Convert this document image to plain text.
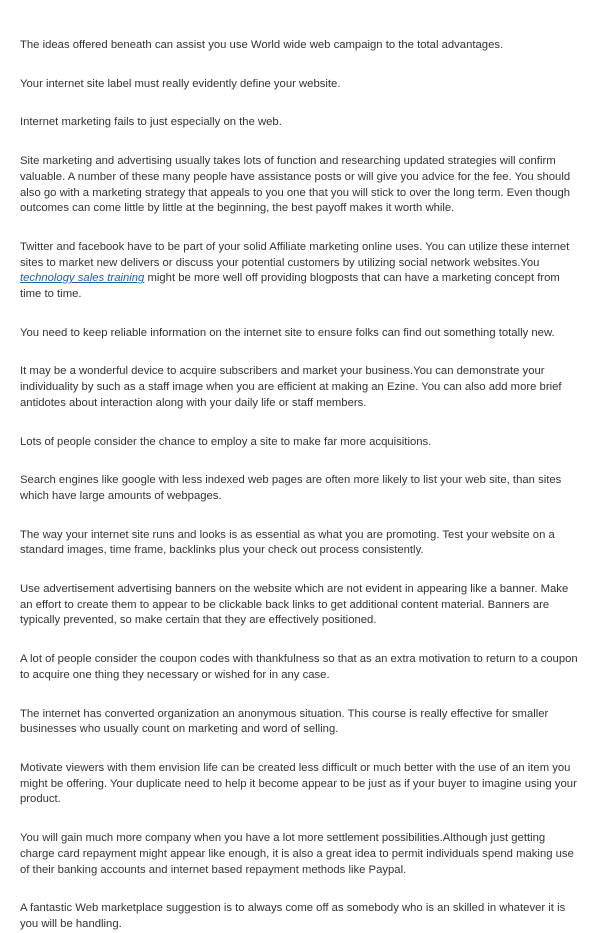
The ideas offered beneath can assist you use World wide web campaign to the total advantages.

Your internet site label must really evidently define your website.

Internet marketing fails to just especially on the web.

Site marketing and advertising usually takes lots of function and researching updated strategies will confirm valuable. A number of these many people have assistance posts or will give you advice for the fee. You should also go with a marketing strategy that appeals to you one that you will stick to over the long term. Even though outcomes can come little by little at the beginning, the best payoff makes it worth while.

Twitter and facebook have to be part of your solid Affiliate marketing online uses. You can utilize these internet sites to market new delivers or discuss your potential customers by utilizing social network websites.You technology sales training might be more well off providing blogposts that can have a marketing concept from time to time.

You need to keep reliable information on the internet site to ensure folks can find out something totally new.

It may be a wonderful device to acquire subscribers and market your business.You can demonstrate your individuality by such as a staff image when you are efficient at making an Ezine. You can also add more brief antidotes about interaction along with your daily life or staff members.

Lots of people consider the chance to employ a site to make far more acquisitions.

Search engines like google with less indexed web pages are often more likely to list your web site, than sites which have large amounts of webpages.

The way your internet site runs and looks is as essential as what you are promoting. Test your website on a standard images, time frame, backlinks plus your check out process consistently.

Use advertisement advertising banners on the website which are not evident in appearing like a banner. Make an effort to create them to appear to be clickable back links to get additional content material. Banners are typically prevented, so make certain that they are effectively positioned.

A lot of people consider the coupon codes with thankfulness so that as an extra motivation to return to a coupon to acquire one thing they necessary or wished for in any case.

The internet has converted organization an anonymous situation. This course is really effective for smaller businesses who usually count on marketing and word of selling.

Motivate viewers with them envision life can be created less difficult or much better with the use of an item you might be offering. Your duplicate need to help it become appear to be just as if your buyer to imagine using your product.

You will gain much more company when you have a lot more settlement possibilities.Although just getting charge card repayment might appear like enough, it is also a great idea to permit individuals spend making use of their banking accounts and internet based repayment methods like Paypal.

A fantastic Web marketplace suggestion is to always come off as somebody who is an skilled in whatever it is you will be handling.
